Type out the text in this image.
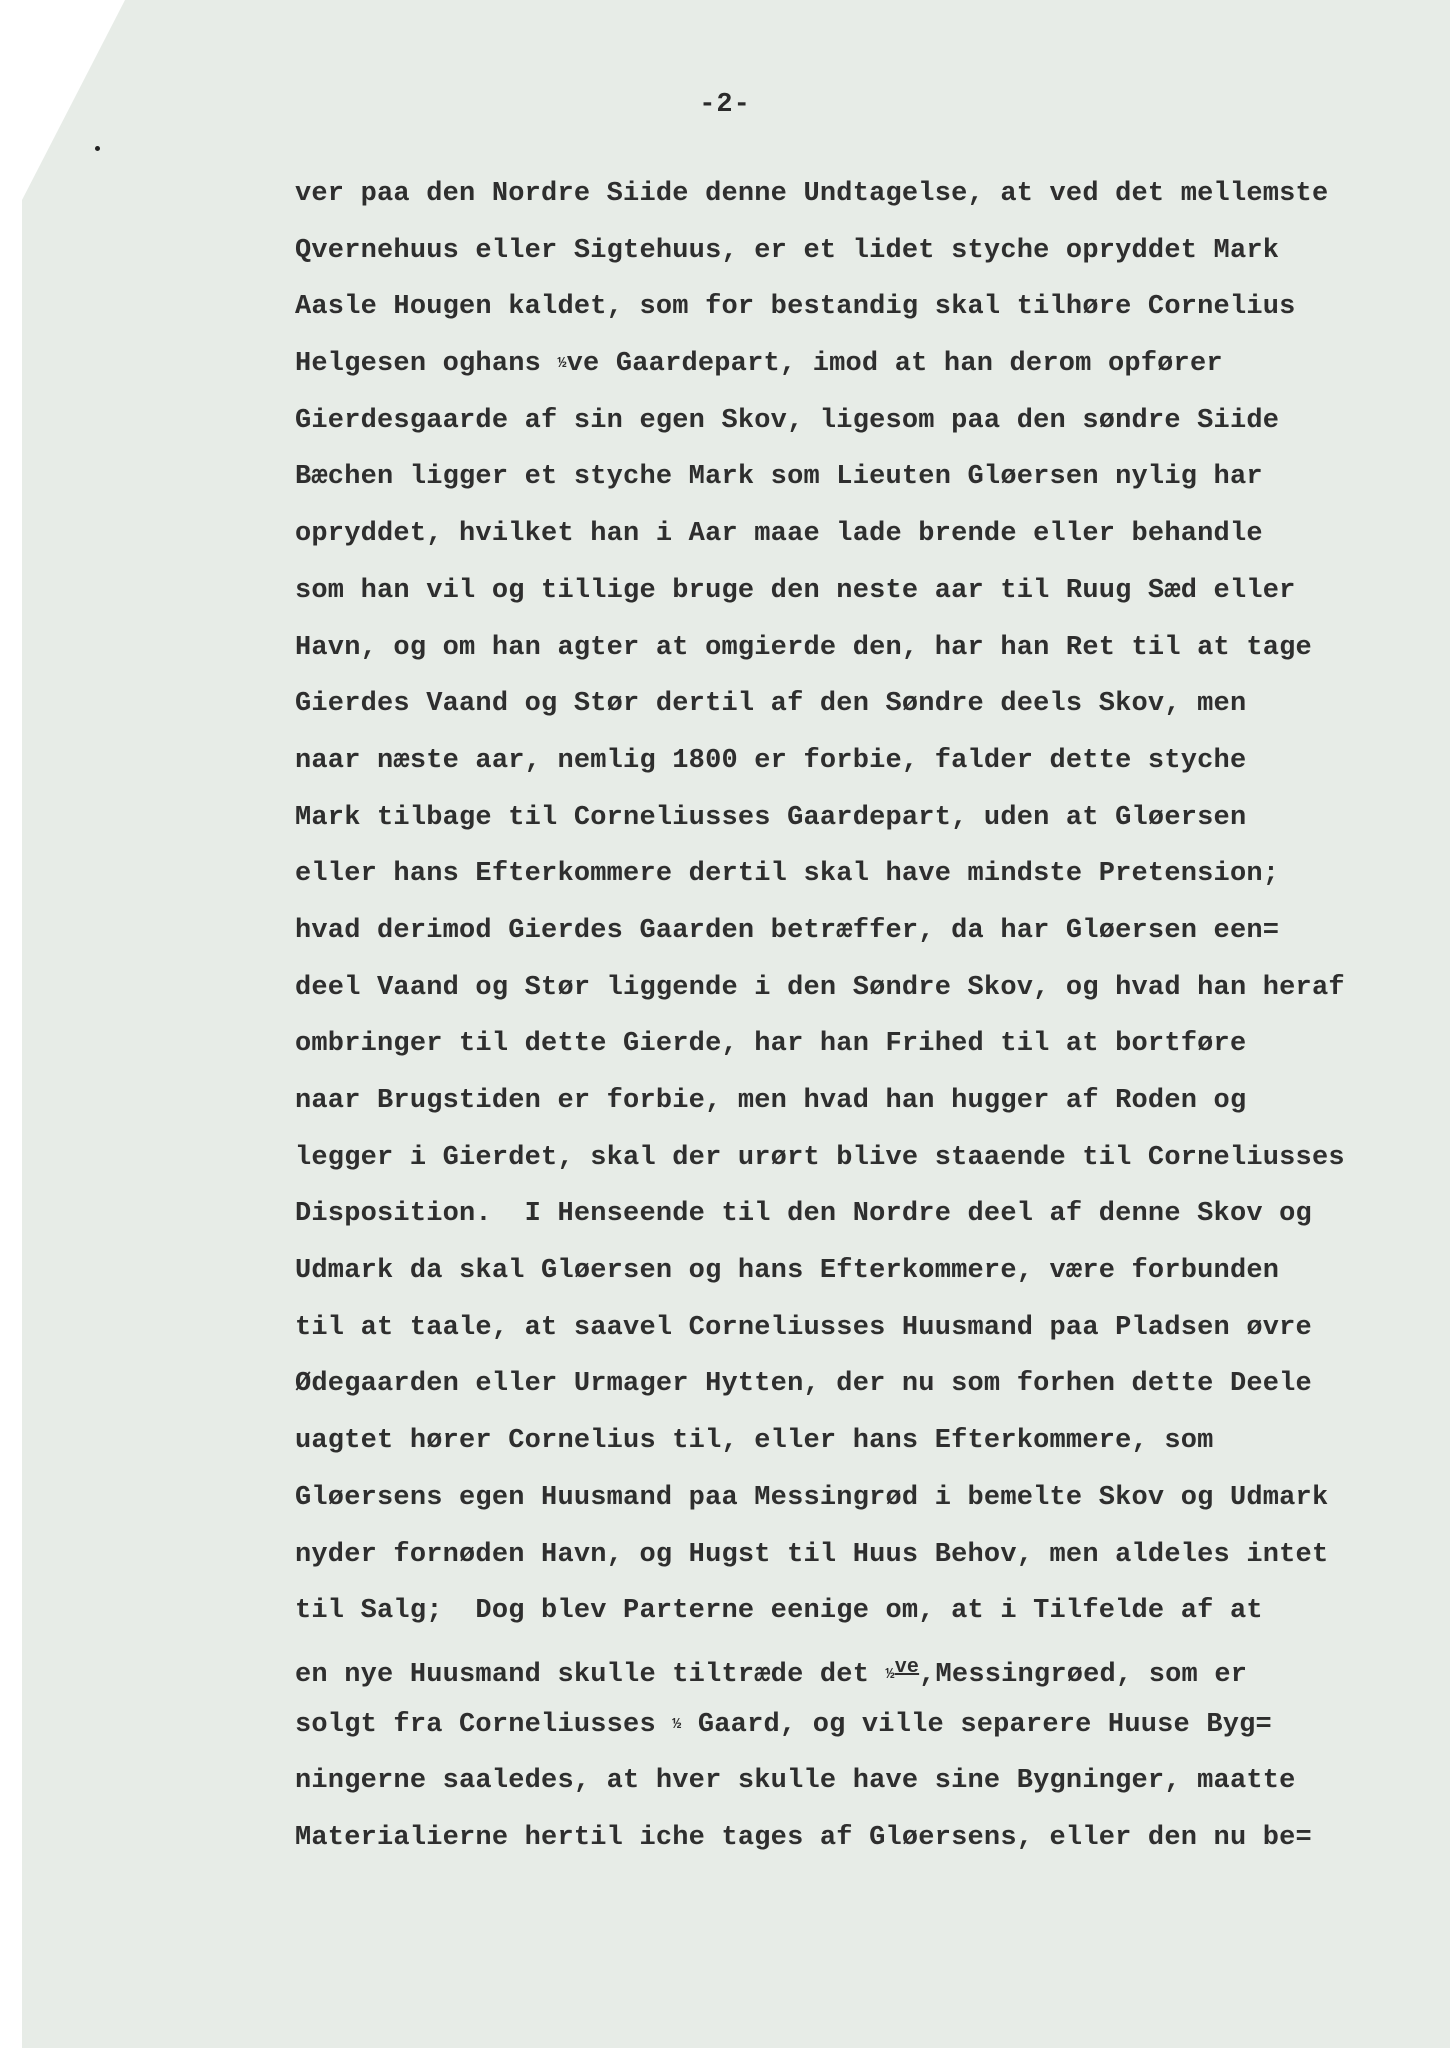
-2-
ver paa den Nordre Siide denne Undtagelse, at ved det mellemste
Qvernehuus eller Sigtehuus, er et lidet styche opryddet Mark
Aasle Hougen kaldet, som for bestandig skal tilhøre Cornelius
Helgesen oghans ½ve Gaardepart, imod at han derom opfører
Gierdesgaarde af sin egen Skov, ligesom paa den søndre Siide
Bæchen ligger et styche Mark som Lieuten Gløersen nylig har
opryddet, hvilket han i Aar maae lade brende eller behandle
som han vil og tillige bruge den neste aar til Ruug Sæd eller
Havn, og om han agter at omgierde den, har han Ret til at tage
Gierdes Vaand og Stør dertil af den Søndre deels Skov, men
naar næste aar, nemlig 1800 er forbie, falder dette styche
Mark tilbage til Corneliusses Gaardepart, uden at Gløersen
eller hans Efterkommere dertil skal have mindste Pretension;
hvad derimod Gierdes Gaarden betræffer, da har Gløersen een=
deel Vaand og Stør liggende i den Søndre Skov, og hvad han heraf
ombringer til dette Gierde, har han Frihed til at bortføre
naar Brugstiden er forbie, men hvad han hugger af Roden og
legger i Gierdet, skal der urørt blive staaende til Corneliusses
Disposition.  I Henseende til den Nordre deel af denne Skov og
Udmark da skal Gløersen og hans Efterkommere, være forbunden
til at taale, at saavel Corneliusses Huusmand paa Pladsen øvre
Ødegaarden eller Urmager Hytten, der nu som forhen dette Deele
uagtet hører Cornelius til, eller hans Efterkommere, som
Gløersens egen Huusmand paa Messingrød i bemelte Skov og Udmark
nyder fornøden Havn, og Hugst til Huus Behov, men aldeles intet
til Salg;  Dog blev Parterne eenige om, at i Tilfelde af at
en nye Huusmand skulle tiltræde det ½$^{ve}$,Messingrøed, som er
solgt fra Corneliusses ½ Gaard, og ville separere Huuse Byg=
ningerne saaledes, at hver skulle have sine Bygninger, maatte
Materialierne hertil iche tages af Gløersens, eller den nu be=
